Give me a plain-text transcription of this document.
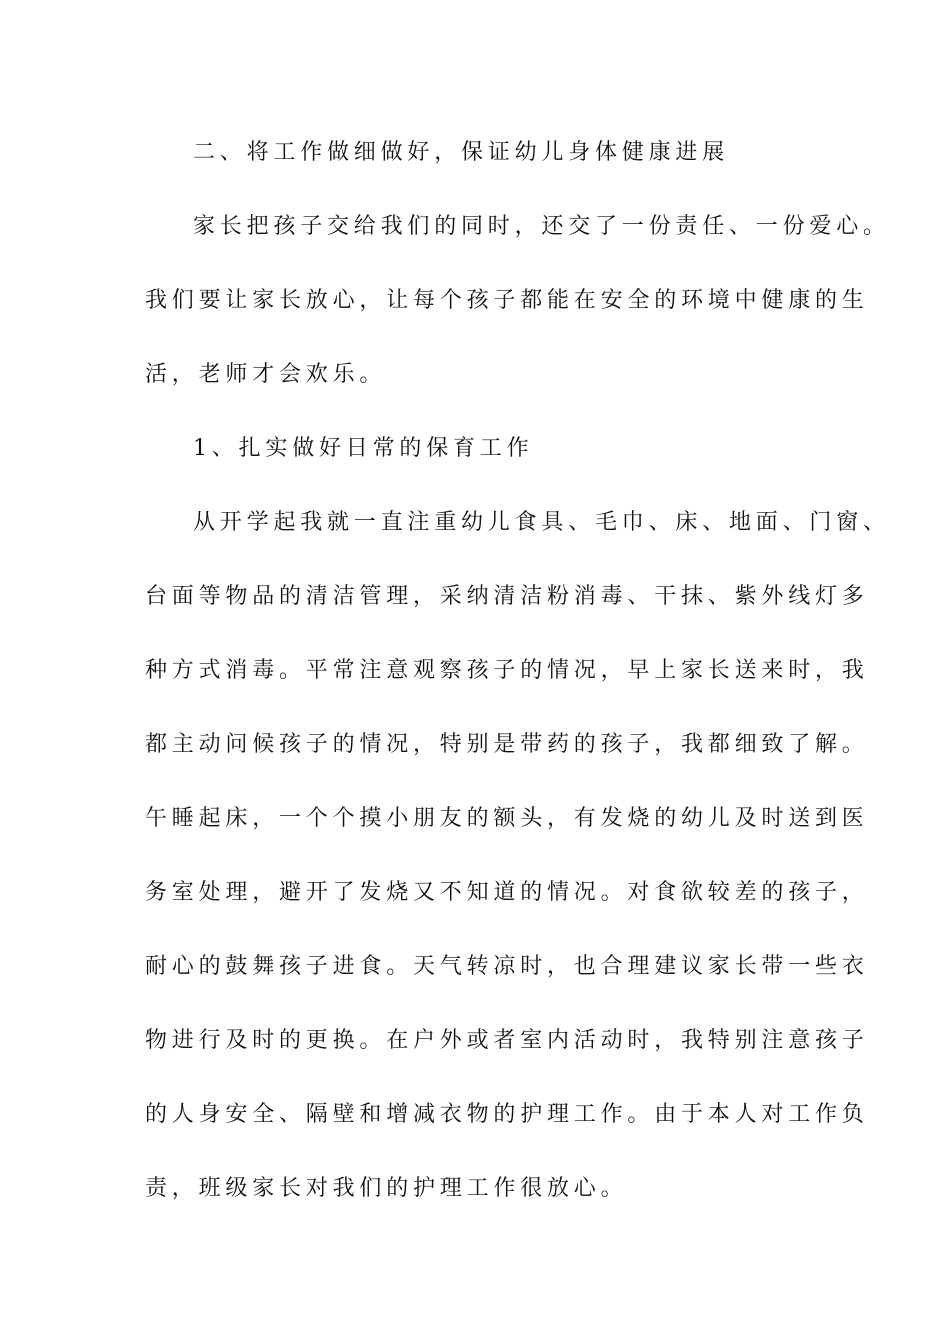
二、将工作做细做好，保证幼儿身体健康进展
家长把孩子交给我们的同时，还交了一份责任、一份爱心。
我们要让家长放心，让每个孩子都能在安全的环境中健康的生
活，老师才会欢乐。
1、扎实做好日常的保育工作
从开学起我就一直注重幼儿食具、毛巾、床、地面、门窗、
台面等物品的清洁管理，采纳清洁粉消毒、干抹、紫外线灯多
种方式消毒。平常注意观察孩子的情况，早上家长送来时，我
都主动问候孩子的情况，特别是带药的孩子，我都细致了解。
午睡起床，一个个摸小朋友的额头，有发烧的幼儿及时送到医
务室处理，避开了发烧又不知道的情况。对食欲较差的孩子，
耐心的鼓舞孩子进食。天气转凉时，也合理建议家长带一些衣
物进行及时的更换。在户外或者室内活动时，我特别注意孩子
的人身安全、隔壁和增减衣物的护理工作。由于本人对工作负
责，班级家长对我们的护理工作很放心。
